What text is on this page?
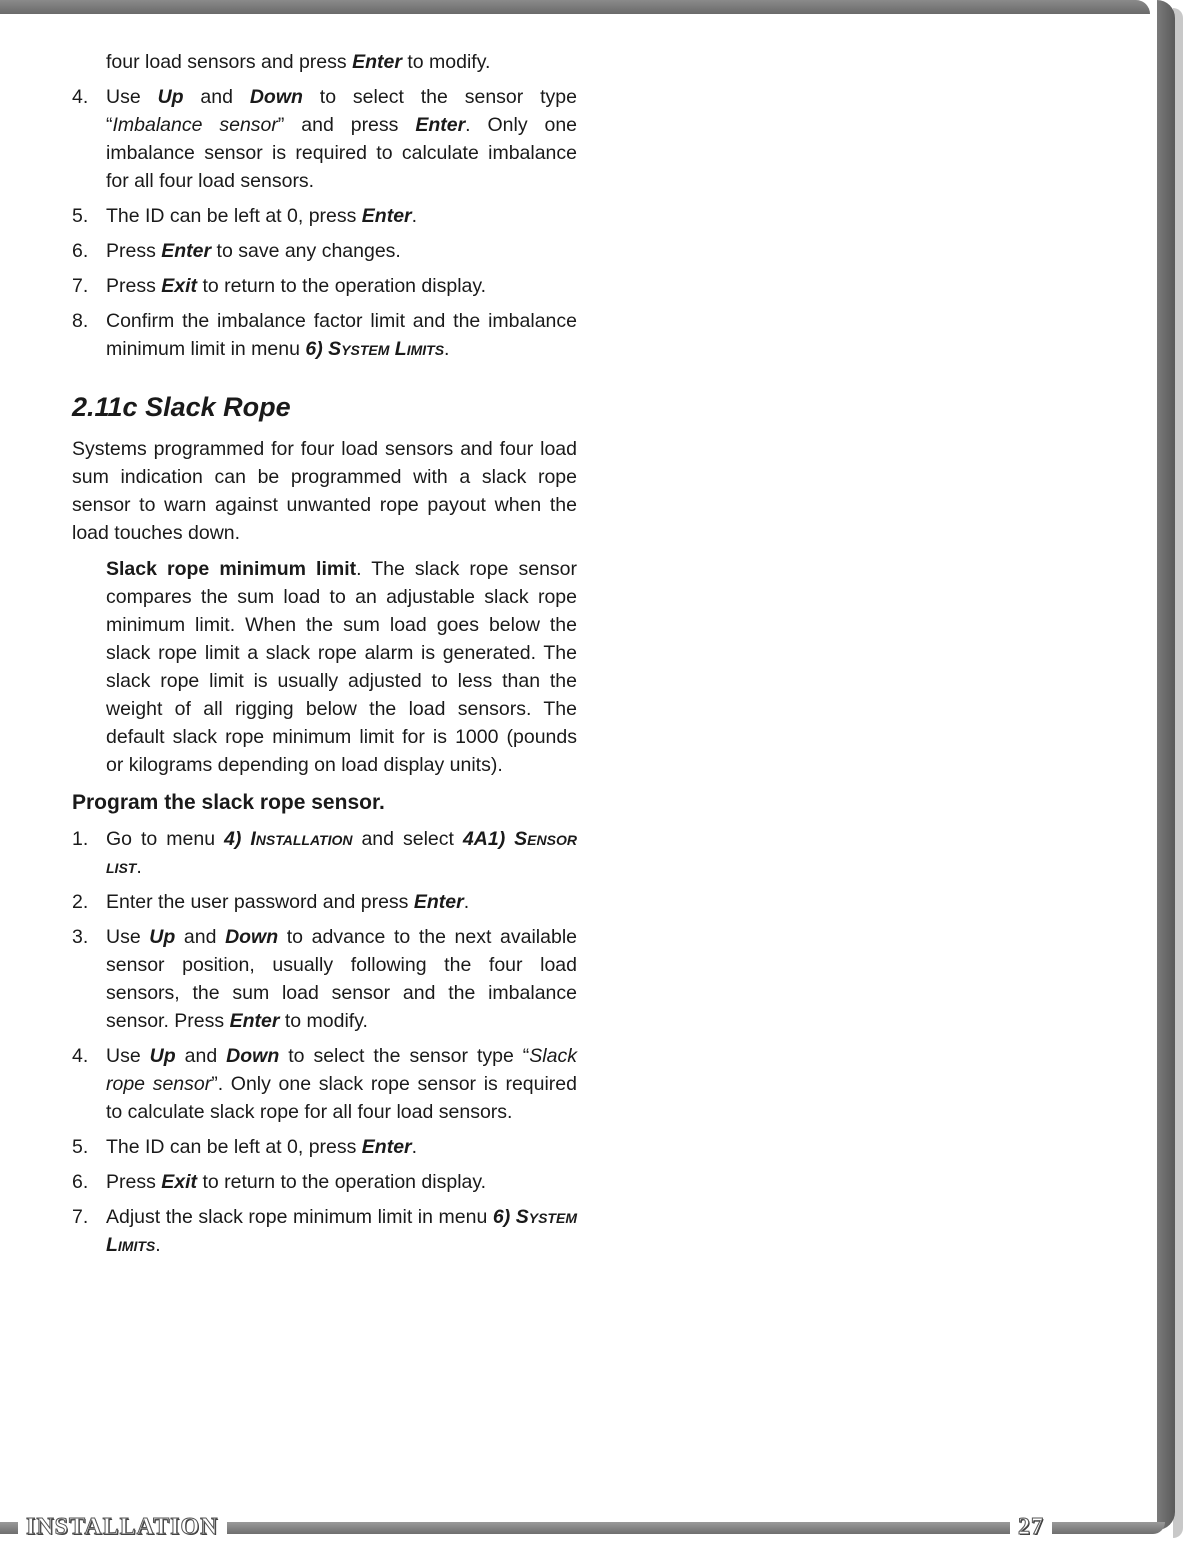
INSTALLATION	27

four load sensors and press Enter to modify.

4. Use Up and Down to select the sensor type “Imbalance sensor” and press Enter. Only one imbalance sensor is required to calculate imbalance for all four load sensors.
5. The ID can be left at 0, press Enter.
6. Press Enter to save any changes.
7. Press Exit to return to the operation display.
8. Confirm the imbalance factor limit and the imbalance minimum limit in menu 6) System Limits.
2.11c Slack Rope

Systems programmed for four load sensors and four load sum indication can be programmed with a slack rope sensor to warn against unwanted rope payout when the load touches down.

Slack rope minimum limit. The slack rope sensor compares the sum load to an adjustable slack rope minimum limit. When the sum load goes below the slack rope limit a slack rope alarm is generated. The slack rope limit is usually adjusted to less than the weight of all rigging below the load sensors. The default slack rope minimum limit for is 1000 (pounds or kilograms depending on load display units).

Program the slack rope sensor.
1. Go to menu 4) Installation and select 4A1) Sensor list.
2. Enter the user password and press Enter.
3. Use Up and Down to advance to the next available sensor position, usually following the four load sensors, the sum load sensor and the imbalance sensor. Press Enter to modify.
4. Use Up and Down to select the sensor type “Slack rope sensor”. Only one slack rope sensor is required to calculate slack rope for all four load sensors.
5. The ID can be left at 0, press Enter.
6. Press Exit to return to the operation display.
7. Adjust the slack rope minimum limit in menu 6) System Limits.
